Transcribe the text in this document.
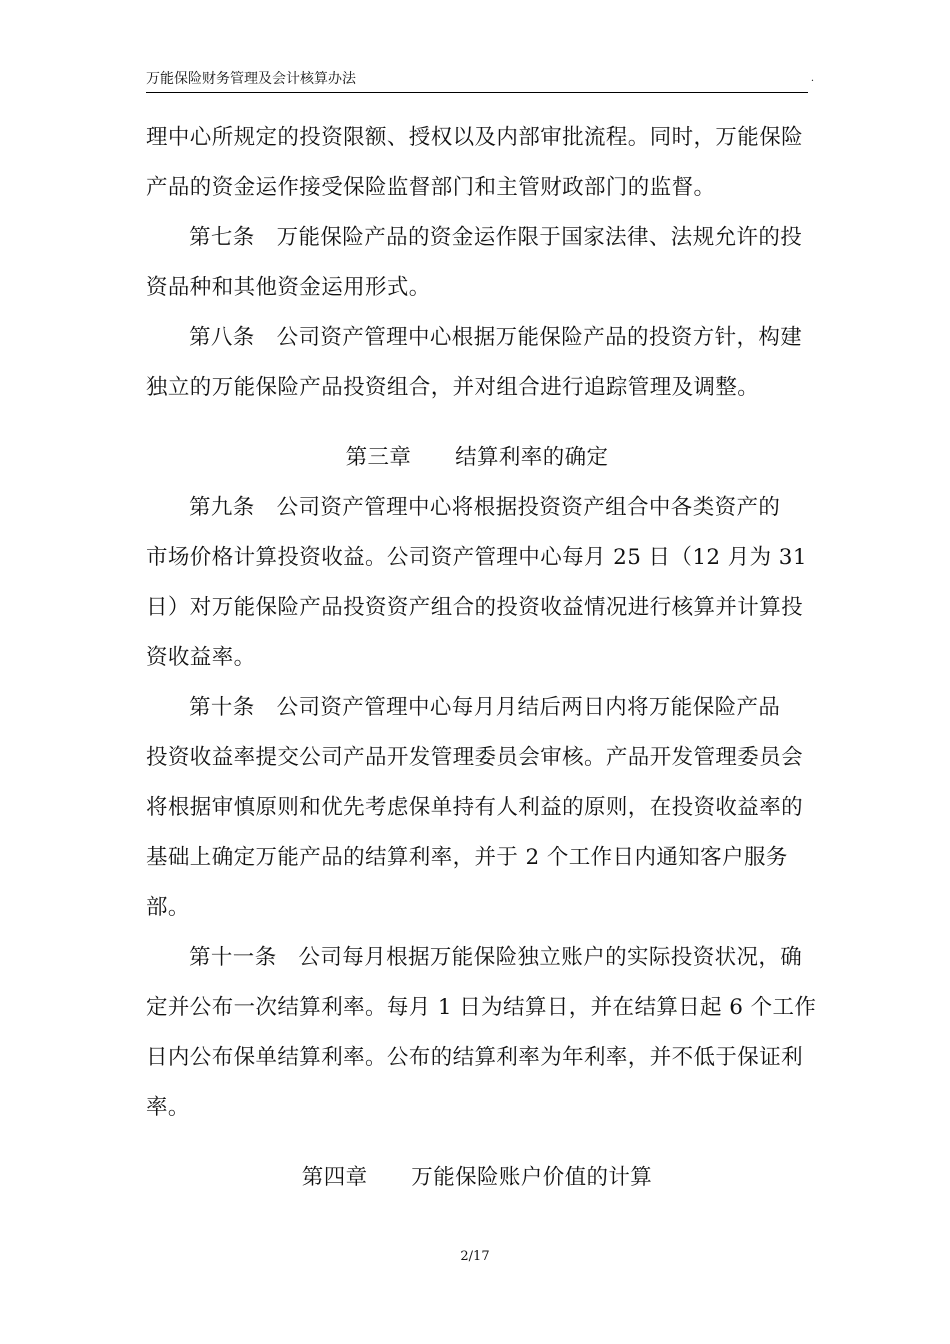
万能保险财务管理及会计核算办法	.
理中心所规定的投资限额、授权以及内部审批流程。同时，万能保险
产品的资金运作接受保险监督部门和主管财政部门的监督。
第七条　万能保险产品的资金运作限于国家法律、法规允许的投
资品种和其他资金运用形式。
第八条　公司资产管理中心根据万能保险产品的投资方针，构建
独立的万能保险产品投资组合，并对组合进行追踪管理及调整。
第三章　　结算利率的确定
第九条　公司资产管理中心将根据投资资产组合中各类资产的
市场价格计算投资收益。公司资产管理中心每月 25 日（12 月为 31
日）对万能保险产品投资资产组合的投资收益情况进行核算并计算投
资收益率。
第十条　公司资产管理中心每月月结后两日内将万能保险产品
投资收益率提交公司产品开发管理委员会审核。产品开发管理委员会
将根据审慎原则和优先考虑保单持有人利益的原则，在投资收益率的
基础上确定万能产品的结算利率，并于 2 个工作日内通知客户服务
部。
第十一条　公司每月根据万能保险独立账户的实际投资状况，确
定并公布一次结算利率。每月 1 日为结算日，并在结算日起 6 个工作
日内公布保单结算利率。公布的结算利率为年利率，并不低于保证利
率。
第四章　　万能保险账户价值的计算
2/17
